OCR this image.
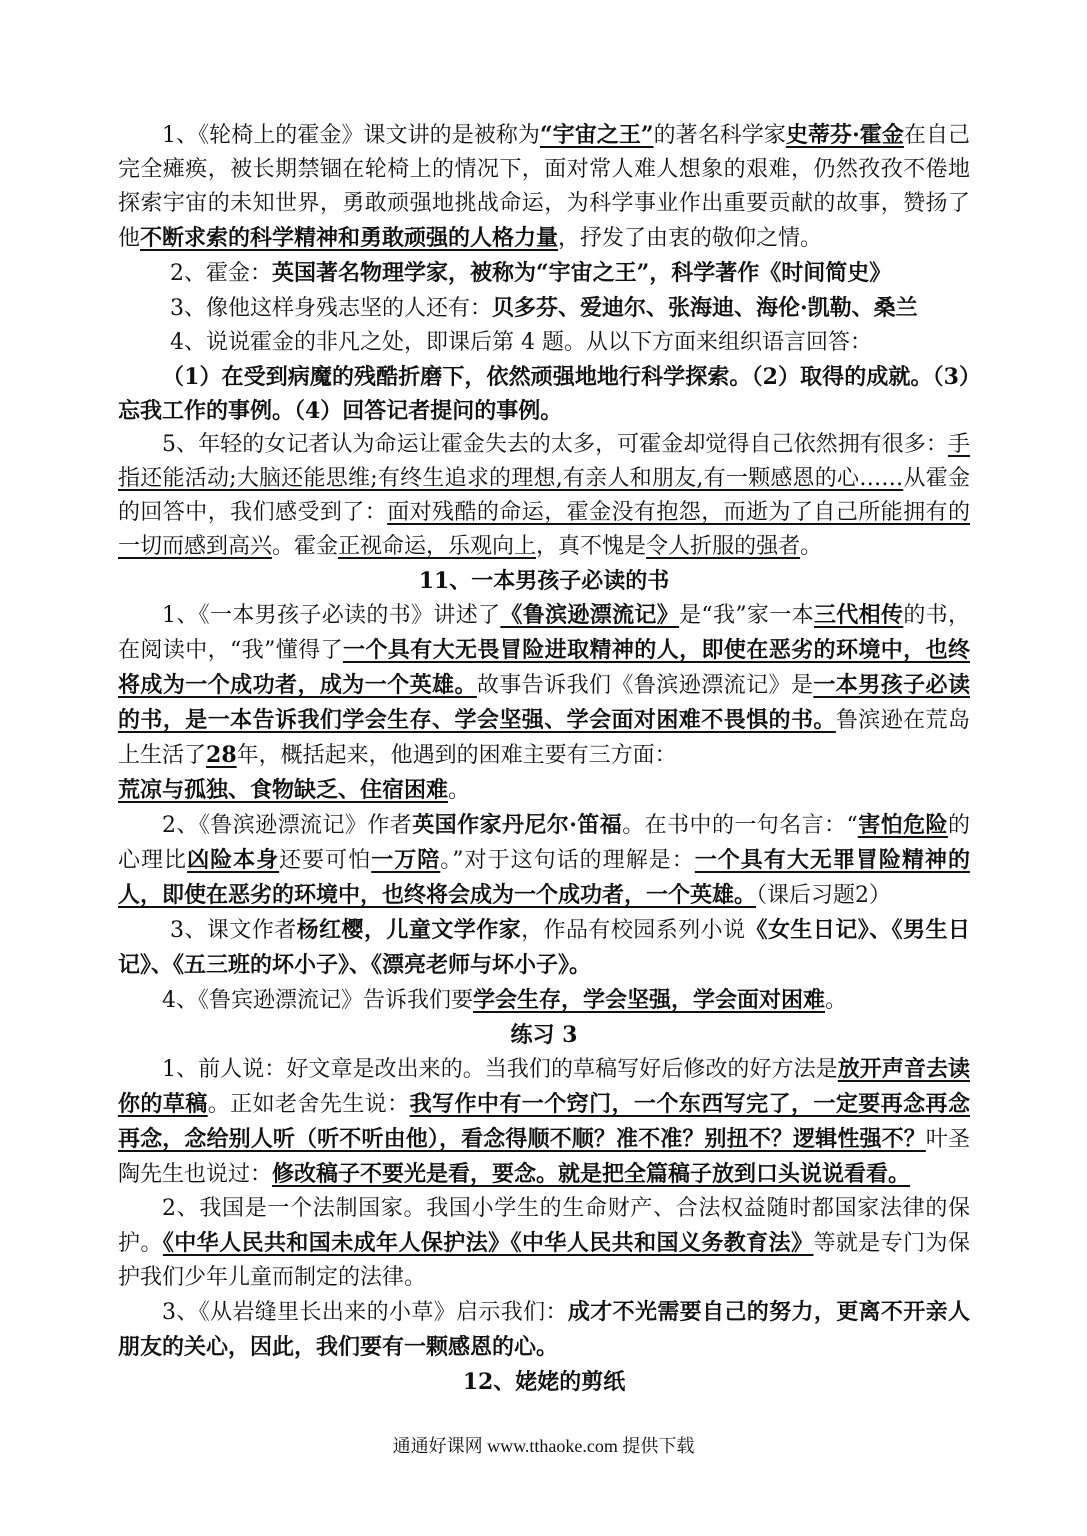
1、《轮椅上的霍金》课文讲的是被称为“宇宙之王”的著名科学家史蒂芬·霍金在自己完全瘫痪，被长期禁锢在轮椅上的情况下，面对常人难人想象的艰难，仍然孜孜不倦地探索宇宙的未知世界，勇敢顽强地挑战命运，为科学事业作出重要贡献的故事，赞扬了他不断求索的科学精神和勇敢顽强的人格力量，抒发了由衷的敬仰之情。

2、霍金：英国著名物理学家，被称为“宇宙之王”，科学著作《时间简史》

3、像他这样身残志坚的人还有：贝多芬、爱迪尔、张海迪、海伦·凯勒、桑兰

4、说说霍金的非凡之处，即课后第 4 题。从以下方面来组织语言回答：

（1）在受到病魔的残酷折磨下，依然顽强地地行科学探索。（2）取得的成就。（3）忘我工作的事例。（4）回答记者提问的事例。

5、年轻的女记者认为命运让霍金失去的太多，可霍金却觉得自己依然拥有很多：手指还能活动;大脑还能思维;有终生追求的理想,有亲人和朋友,有一颗感恩的心……从霍金的回答中，我们感受到了：面对残酷的命运，霍金没有抱怨，而逝为了自己所能拥有的一切而感到高兴。霍金正视命运，乐观向上，真不愧是令人折服的强者。

11、一本男孩子必读的书

1、《一本男孩子必读的书》讲述了《鲁滨逊漂流记》是“我”家一本三代相传的书，在阅读中，“我”懂得了一个具有大无畏冒险进取精神的人，即使在恶劣的环境中，也终将成为一个成功者，成为一个英雄。故事告诉我们《鲁滨逊漂流记》是一本男孩子必读的书，是一本告诉我们学会生存、学会坚强、学会面对困难不畏惧的书。鲁滨逊在荒岛上生活了28年，概括起来，他遇到的困难主要有三方面：
荒凉与孤独、食物缺乏、住宿困难。

2、《鲁滨逊漂流记》作者英国作家丹尼尔·笛福。在书中的一句名言：“害怕危险的心理比凶险本身还要可怕一万陪。”对于这句话的理解是：一个具有大无罪冒险精神的人，即使在恶劣的环境中，也终将会成为一个成功者，一个英雄。（课后习题2）

3、课文作者杨红樱，儿童文学作家，作品有校园系列小说《女生日记》、《男生日记》、《五三班的坏小子》、《漂亮老师与坏小子》。

4、《鲁宾逊漂流记》告诉我们要学会生存，学会坚强，学会面对困难。

练习 3

1、前人说：好文章是改出来的。当我们的草稿写好后修改的好方法是放开声音去读你的草稿。正如老舍先生说：我写作中有一个窍门，一个东西写完了，一定要再念再念再念，念给别人听（听不听由他），看念得顺不顺？准不准？别扭不？逻辑性强不？叶圣陶先生也说过：修改稿子不要光是看，要念。就是把全篇稿子放到口头说说看看。

2、我国是一个法制国家。我国小学生的生命财产、合法权益随时都国家法律的保护。《中华人民共和国未成年人保护法》《中华人民共和国义务教育法》等就是专门为保护我们少年儿童而制定的法律。

3、《从岩缝里长出来的小草》启示我们：成才不光需要自己的努力，更离不开亲人朋友的关心，因此，我们要有一颗感恩的心。

12、姥姥的剪纸

通通好课网 www.tthaoke.com 提供下载
